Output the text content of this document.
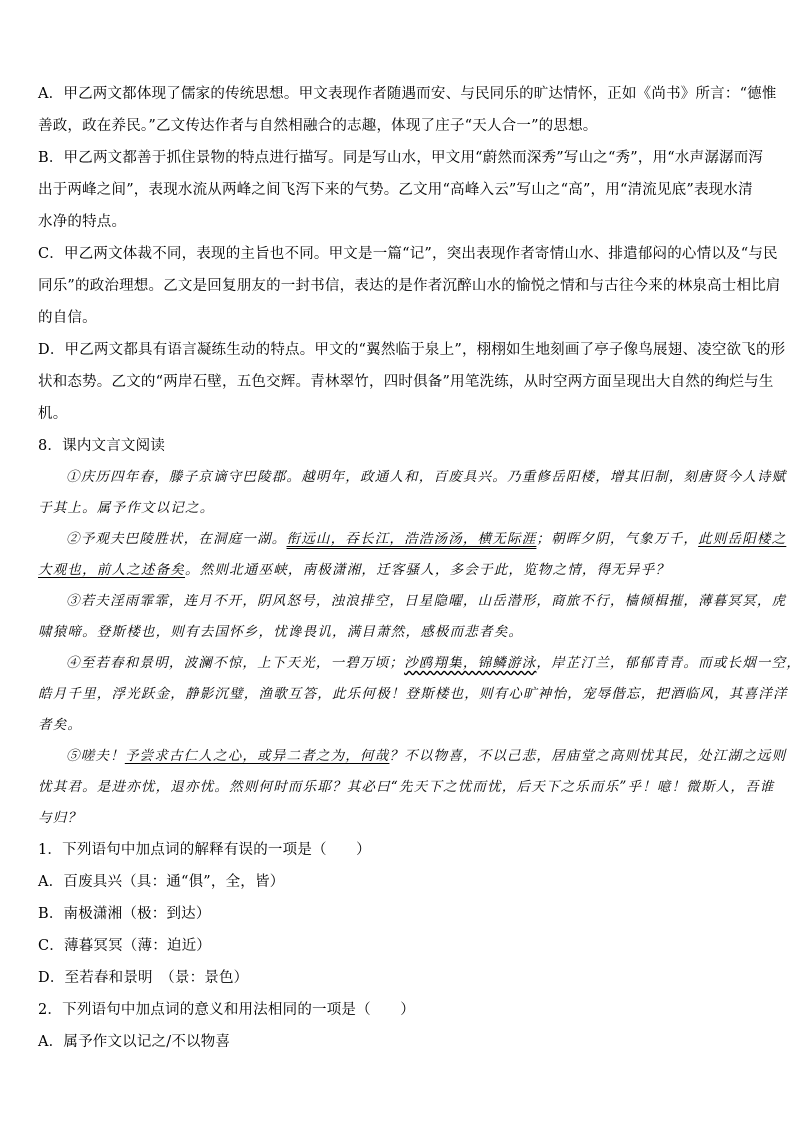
A．甲乙两文都体现了儒家的传统思想。甲文表现作者随遇而安、与民同乐的旷达情怀，正如《尚书》所言：“德惟
善政，政在养民。”乙文传达作者与自然相融合的志趣，体现了庄子“天人合一”的思想。
B．甲乙两文都善于抓住景物的特点进行描写。同是写山水，甲文用“蔚然而深秀”写山之“秀”，用“水声潺潺而泻
出于两峰之间”，表现水流从两峰之间飞泻下来的气势。乙文用“高峰入云”写山之“高”，用“清流见底”表现水清
水净的特点。
C．甲乙两文体裁不同，表现的主旨也不同。甲文是一篇“记”，突出表现作者寄情山水、排遣郁闷的心情以及“与民
同乐”的政治理想。乙文是回复朋友的一封书信，表达的是作者沉醉山水的愉悦之情和与古往今来的林泉高士相比肩
的自信。
D．甲乙两文都具有语言凝练生动的特点。甲文的“翼然临于泉上”，栩栩如生地刻画了亭子像鸟展翅、凌空欲飞的形
状和态势。乙文的“两岸石壁，五色交辉。青林翠竹，四时俱备”用笔洗练，从时空两方面呈现出大自然的绚烂与生
机。
8．课内文言文阅读
①庆历四年春，滕子京谪守巴陵郡。越明年，政通人和，百废具兴。乃重修岳阳楼，增其旧制，刻唐贤今人诗赋
于其上。属予作文以记之。
②予观夫巴陵胜状，在洞庭一湖。衔远山，吞长江，浩浩汤汤，横无际涯；朝晖夕阴，气象万千，此则岳阳楼之
大观也，前人之述备矣。然则北通巫峡，南极潇湘，迁客骚人，多会于此，览物之情，得无异乎？
③若夫淫雨霏霏，连月不开，阴风怒号，浊浪排空，日星隐曜，山岳潜形，商旅不行，樯倾楫摧，薄暮冥冥，虎
啸猿啼。登斯楼也，则有去国怀乡，忧谗畏讥，满目萧然，感极而悲者矣。
④至若春和景明，波澜不惊，上下天光，一碧万顷；沙鸥翔集，锦鳞游泳，岸芷汀兰，郁郁青青。而或长烟一空，
皓月千里，浮光跃金，静影沉璧，渔歌互答，此乐何极！登斯楼也，则有心旷神怡，宠辱偕忘，把酒临风，其喜洋洋
者矣。
⑤嗟夫！予尝求古仁人之心，或异二者之为，何哉？不以物喜，不以己悲，居庙堂之高则忧其民，处江湖之远则
忧其君。是进亦忧，退亦忧。然则何时而乐耶？其必曰“先天下之忧而忧，后天下之乐而乐”乎！噫！微斯人，吾谁
与归？
1．下列语句中加点词的解释有误的一项是（　　）
A．百废具兴（具：通“俱”，全，皆）
B．南极潇湘（极：到达）
C．薄暮冥冥（薄：迫近）
D．至若春和景明　（景：景色）
2．下列语句中加点词的意义和用法相同的一项是（　　）
A．属予作文以记之/不以物喜
